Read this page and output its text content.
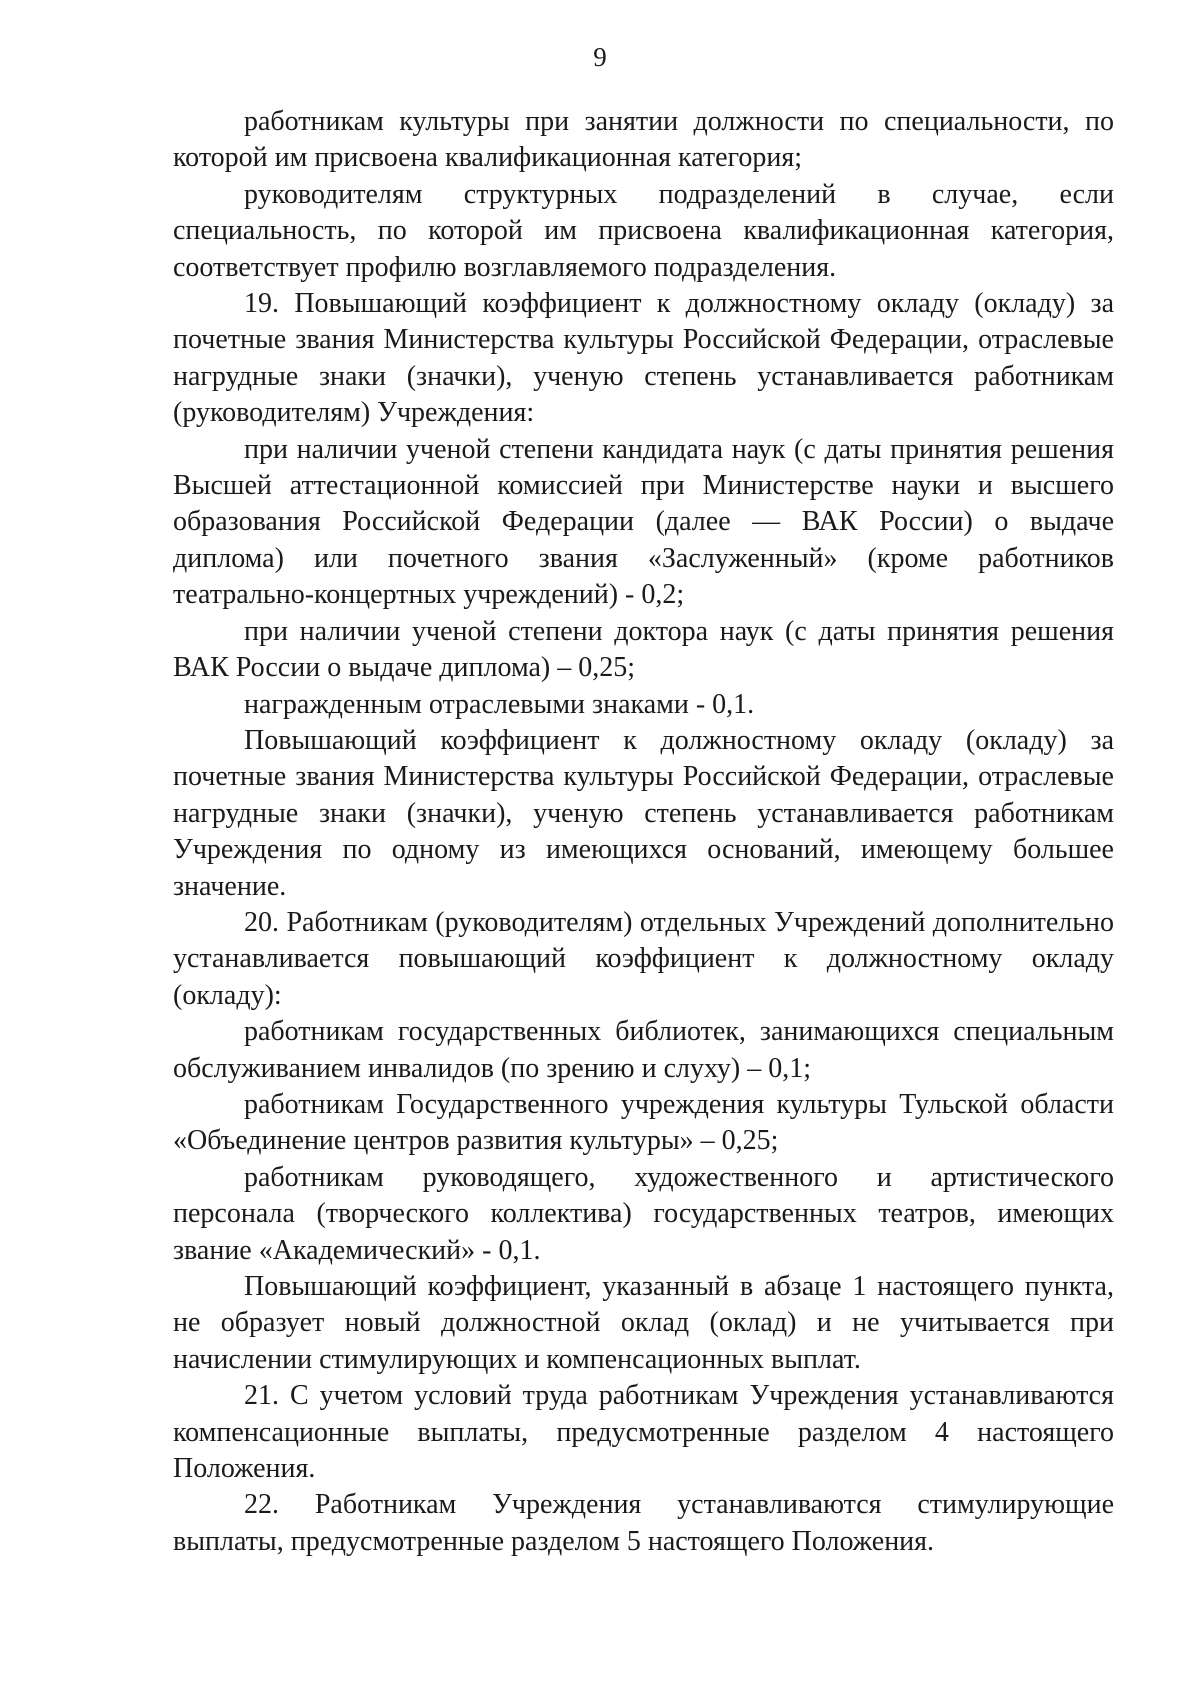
9

работникам культуры при занятии должности по специальности, по которой им присвоена квалификационная категория;

руководителям структурных подразделений в случае, если специальность, по которой им присвоена квалификационная категория, соответствует профилю возглавляемого подразделения.

19. Повышающий коэффициент к должностному окладу (окладу) за почетные звания Министерства культуры Российской Федерации, отраслевые нагрудные знаки (значки), ученую степень устанавливается работникам (руководителям) Учреждения:

при наличии ученой степени кандидата наук (с даты принятия решения Высшей аттестационной комиссией при Министерстве науки и высшего образования Российской Федерации (далее — ВАК России) о выдаче диплома) или почетного звания «Заслуженный» (кроме работников театрально-концертных учреждений) - 0,2;

при наличии ученой степени доктора наук (с даты принятия решения ВАК России о выдаче диплома) – 0,25;

награжденным отраслевыми знаками - 0,1.

Повышающий коэффициент к должностному окладу (окладу) за почетные звания Министерства культуры Российской Федерации, отраслевые нагрудные знаки (значки), ученую степень устанавливается работникам Учреждения по одному из имеющихся оснований, имеющему большее значение.

20. Работникам (руководителям) отдельных Учреждений дополнительно устанавливается повышающий коэффициент к должностному окладу (окладу):

работникам государственных библиотек, занимающихся специальным обслуживанием инвалидов (по зрению и слуху) – 0,1;

работникам Государственного учреждения культуры Тульской области «Объединение центров развития культуры» – 0,25;

работникам руководящего, художественного и артистического персонала (творческого коллектива) государственных театров, имеющих звание «Академический» - 0,1.

Повышающий коэффициент, указанный в абзаце 1 настоящего пункта, не образует новый должностной оклад (оклад) и не учитывается при начислении стимулирующих и компенсационных выплат.

21. С учетом условий труда работникам Учреждения устанавливаются компенсационные выплаты, предусмотренные разделом 4 настоящего Положения.

22. Работникам Учреждения устанавливаются стимулирующие выплаты, предусмотренные разделом 5 настоящего Положения.
